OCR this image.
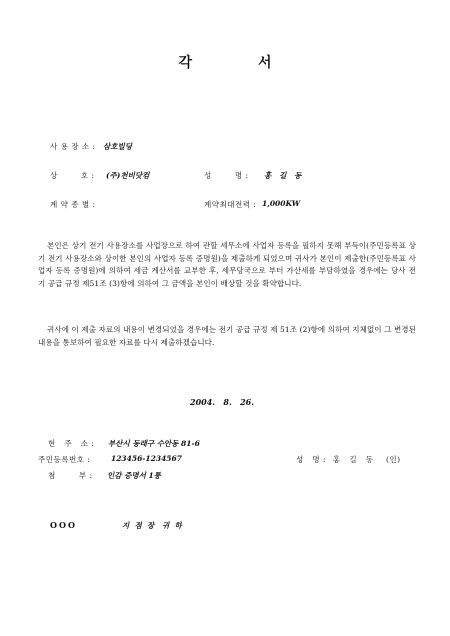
각	서
사 용 장 소 : 삼호빌딩
상        호 : (주)천비닷컴	성        명 : 홍   길   동
계 약 종 별 :	계약최대전력 : 1,000KW
본인은 상기 전기 사용장소를 사업장으로 하여 관할 세무소에 사업자 등록을 필하지 못해 부득이(주민등록표 상기 전기 사용장소와 상이한 본인의 사업자 등록 증명원)을 제출하게 되었으며 귀사가 본인이 제출한(주민등록표 사업자 등록 증명원)에 의하여 세금 계산서를 교부한 후, 세무당국으로 부터 가산세를 부담하였을 경우에는 당사 전기 공급 규정 제51조 (3)항에 의하여 그 금액을 본인이 배상할 것을 확약합니다.
귀사에 이 제출 자료의 내용이 변경되었을 경우에는 전기 공급 규정 제 51조 (2)항에 의하여 지체없이 그 변경된 내용을 통보하여 필요한 자료를 다시 제출하겠습니다.
2004.   8.   26.
현   주   소 : 부산시 동래구 수안동 81-6
주민등록번호 :	123456-1234567	성   명 : 홍   길   동 (인)
첨        부 : 인감 증명서 1통
OOO	지  점  장   귀  하
